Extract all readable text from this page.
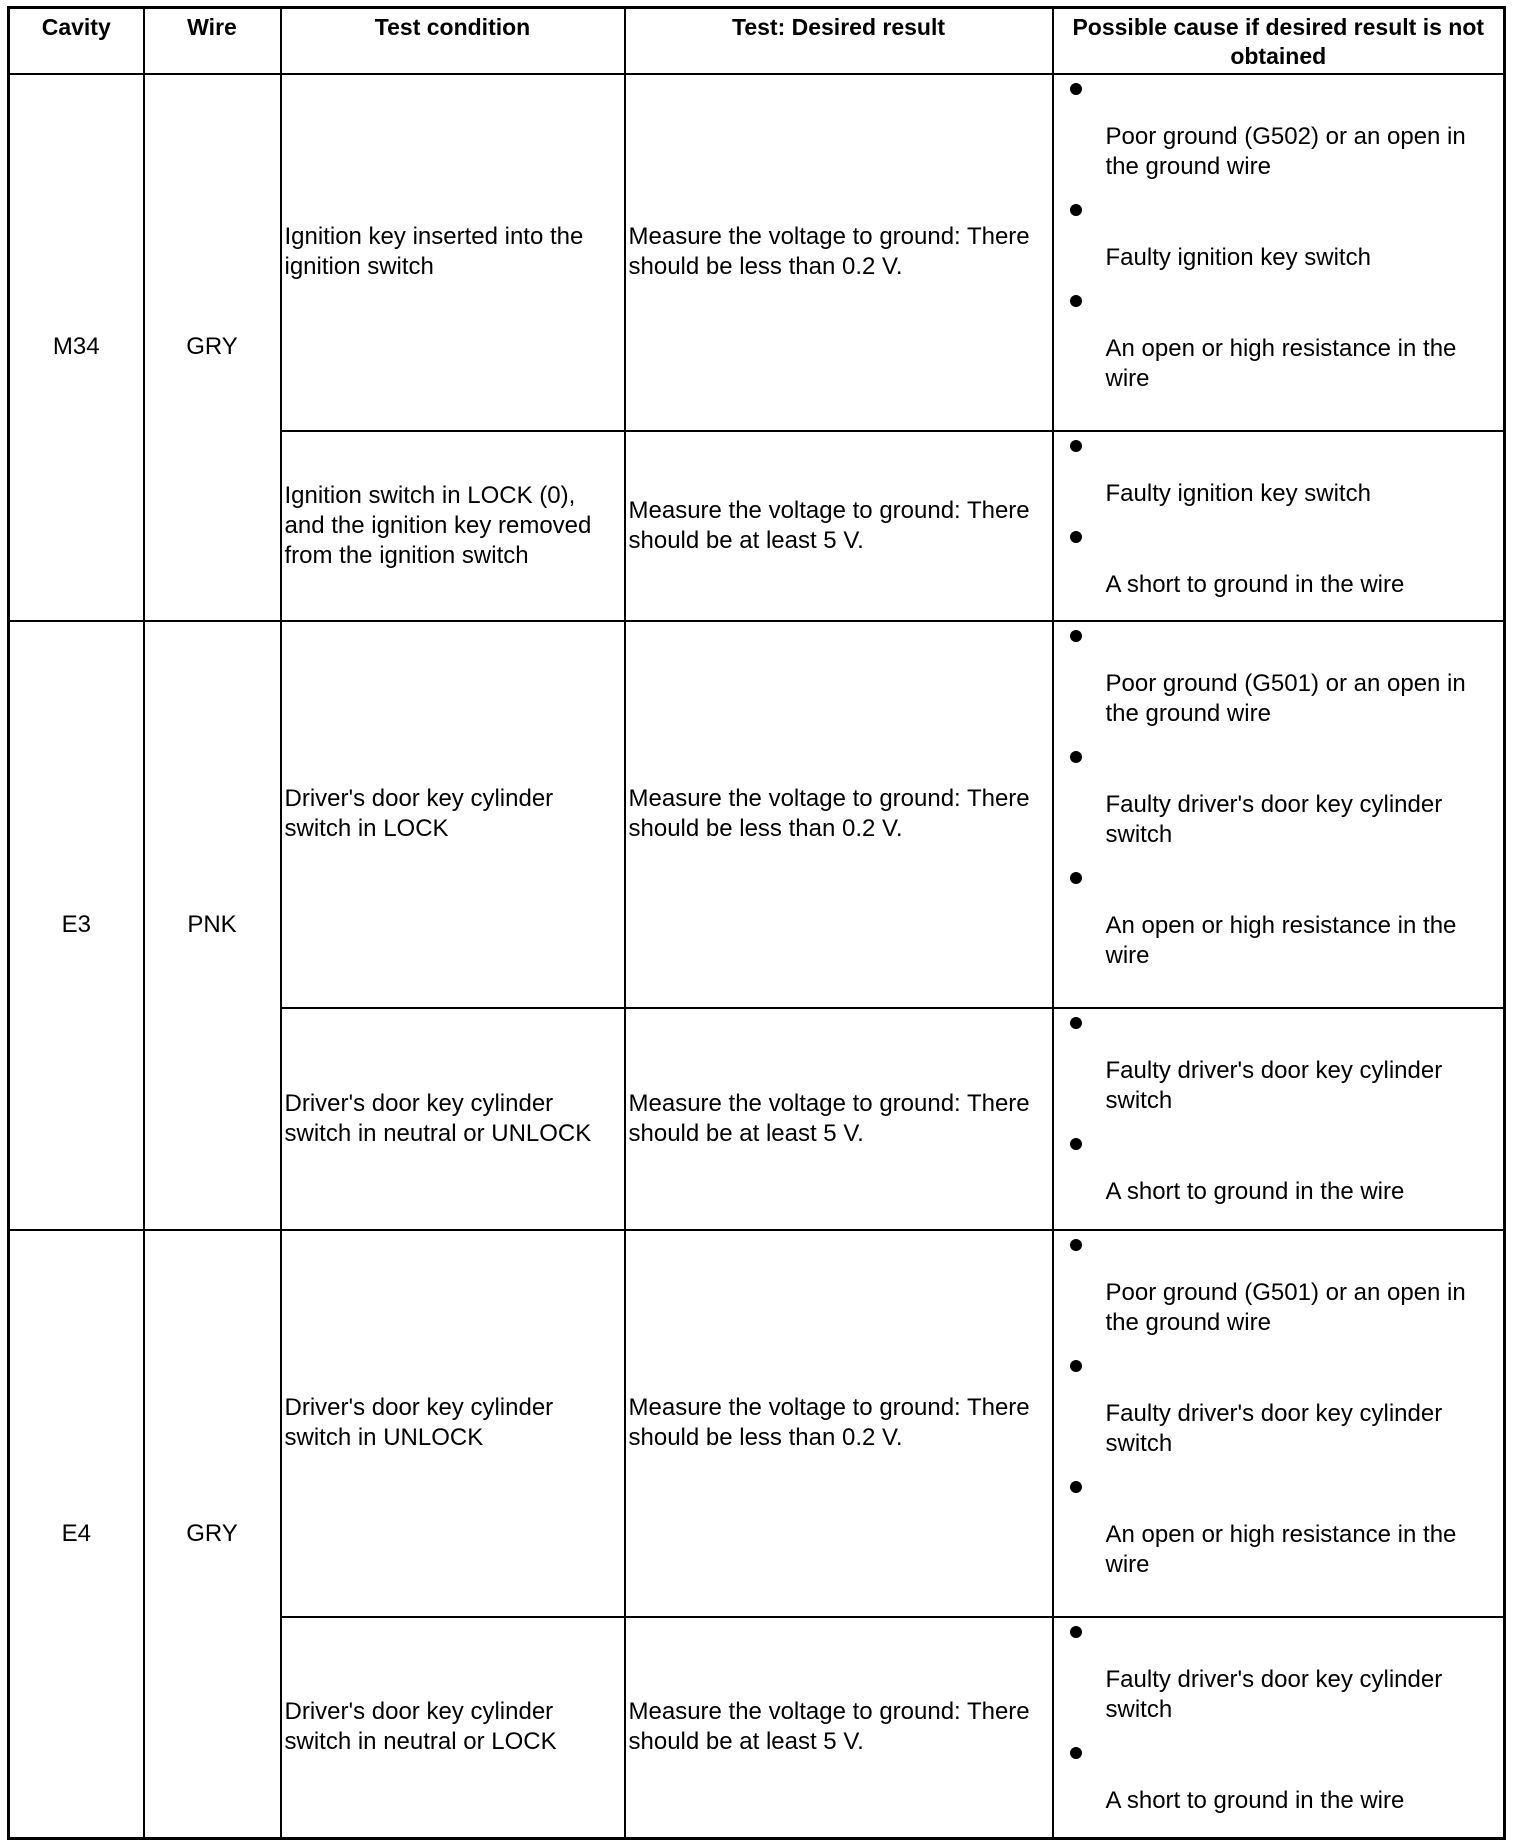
Cavity	Wire	Test condition	Test: Desired result	Possible cause if desired result is not obtained
M34	GRY	Ignition key inserted into the ignition switch	Measure the voltage to ground: There should be less than 0.2 V.	Poor ground (G502) or an open in the ground wire
Faulty ignition key switch
An open or high resistance in the wire

		Ignition switch in LOCK (0), and the ignition key removed from the ignition switch	Measure the voltage to ground: There should be at least 5 V.	Faulty ignition key switch
A short to ground in the wire

E3	PNK	Driver's door key cylinder switch in LOCK	Measure the voltage to ground: There should be less than 0.2 V.	Poor ground (G501) or an open in the ground wire
Faulty driver's door key cylinder switch
An open or high resistance in the wire

		Driver's door key cylinder switch in neutral or UNLOCK	Measure the voltage to ground: There should be at least 5 V.	Faulty driver's door key cylinder switch
A short to ground in the wire

E4	GRY	Driver's door key cylinder switch in UNLOCK	Measure the voltage to ground: There should be less than 0.2 V.	Poor ground (G501) or an open in the ground wire
Faulty driver's door key cylinder switch
An open or high resistance in the wire

		Driver's door key cylinder switch in neutral or LOCK	Measure the voltage to ground: There should be at least 5 V.	Faulty driver's door key cylinder switch
A short to ground in the wire
